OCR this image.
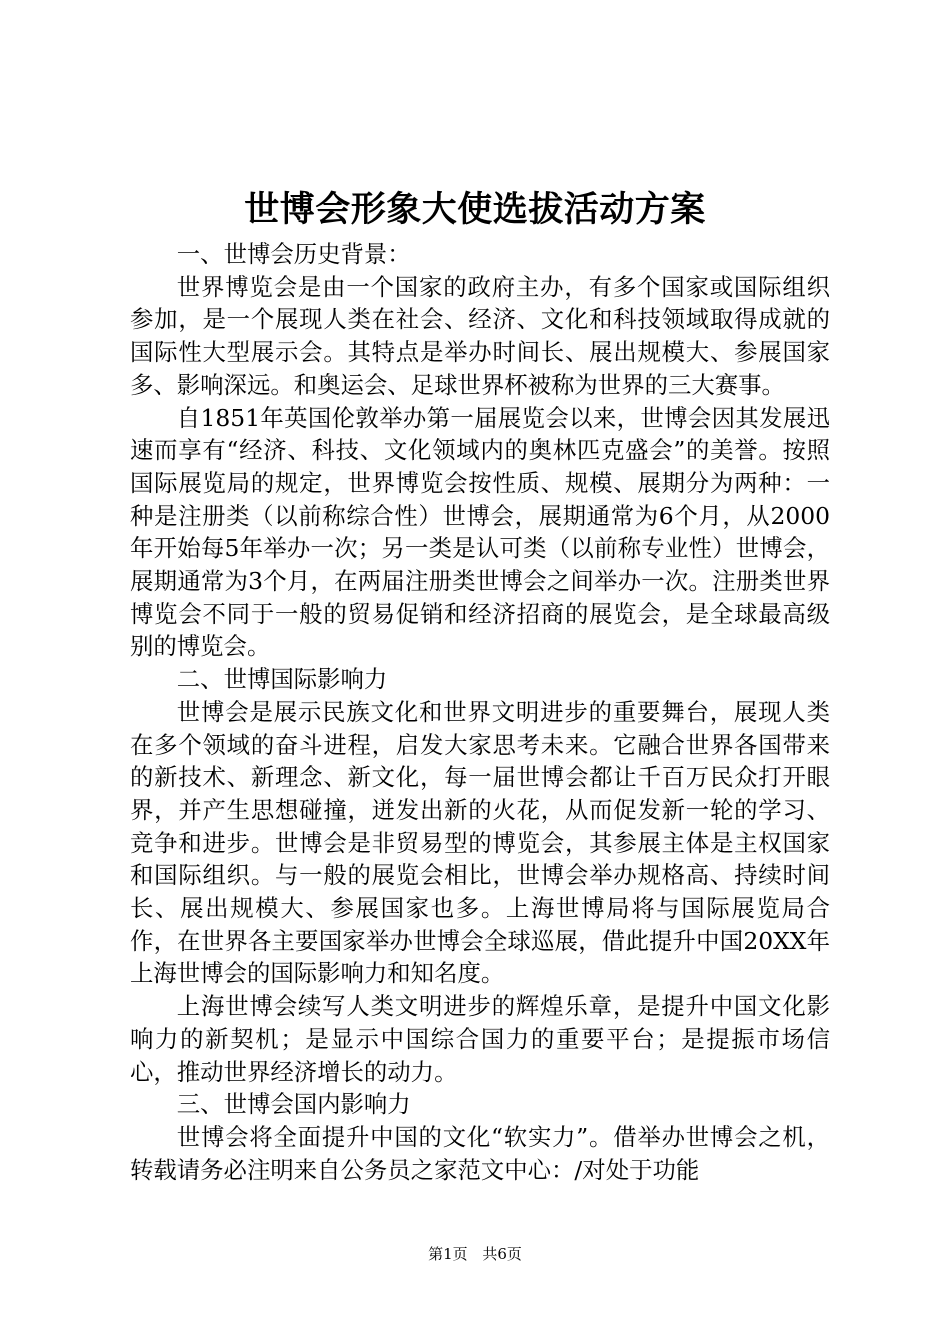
世博会形象大使选拔活动方案

一、世博会历史背景：

世界博览会是由一个国家的政府主办，有多个国家或国际组织参加，是一个展现人类在社会、经济、文化和科技领域取得成就的国际性大型展示会。其特点是举办时间长、展出规模大、参展国家多、影响深远。和奥运会、足球世界杯被称为世界的三大赛事。

自1851年英国伦敦举办第一届展览会以来，世博会因其发展迅速而享有“经济、科技、文化领域内的奥林匹克盛会”的美誉。按照国际展览局的规定，世界博览会按性质、规模、展期分为两种：一种是注册类（以前称综合性）世博会，展期通常为6个月，从2000年开始每5年举办一次；另一类是认可类（以前称专业性）世博会，展期通常为3个月，在两届注册类世博会之间举办一次。注册类世界博览会不同于一般的贸易促销和经济招商的展览会，是全球最高级别的博览会。

二、世博国际影响力

世博会是展示民族文化和世界文明进步的重要舞台，展现人类在多个领域的奋斗进程，启发大家思考未来。它融合世界各国带来的新技术、新理念、新文化，每一届世博会都让千百万民众打开眼界，并产生思想碰撞，迸发出新的火花，从而促发新一轮的学习、竞争和进步。世博会是非贸易型的博览会，其参展主体是主权国家和国际组织。与一般的展览会相比，世博会举办规格高、持续时间长、展出规模大、参展国家也多。上海世博局将与国际展览局合作，在世界各主要国家举办世博会全球巡展，借此提升中国20XX年上海世博会的国际影响力和知名度。

上海世博会续写人类文明进步的辉煌乐章，是提升中国文化影响力的新契机；是显示中国综合国力的重要平台；是提振市场信心，推动世界经济增长的动力。

三、世博会国内影响力

世博会将全面提升中国的文化“软实力”。借举办世博会之机，转载请务必注明来自公务员之家范文中心：/对处于功能

第1页 共6页
